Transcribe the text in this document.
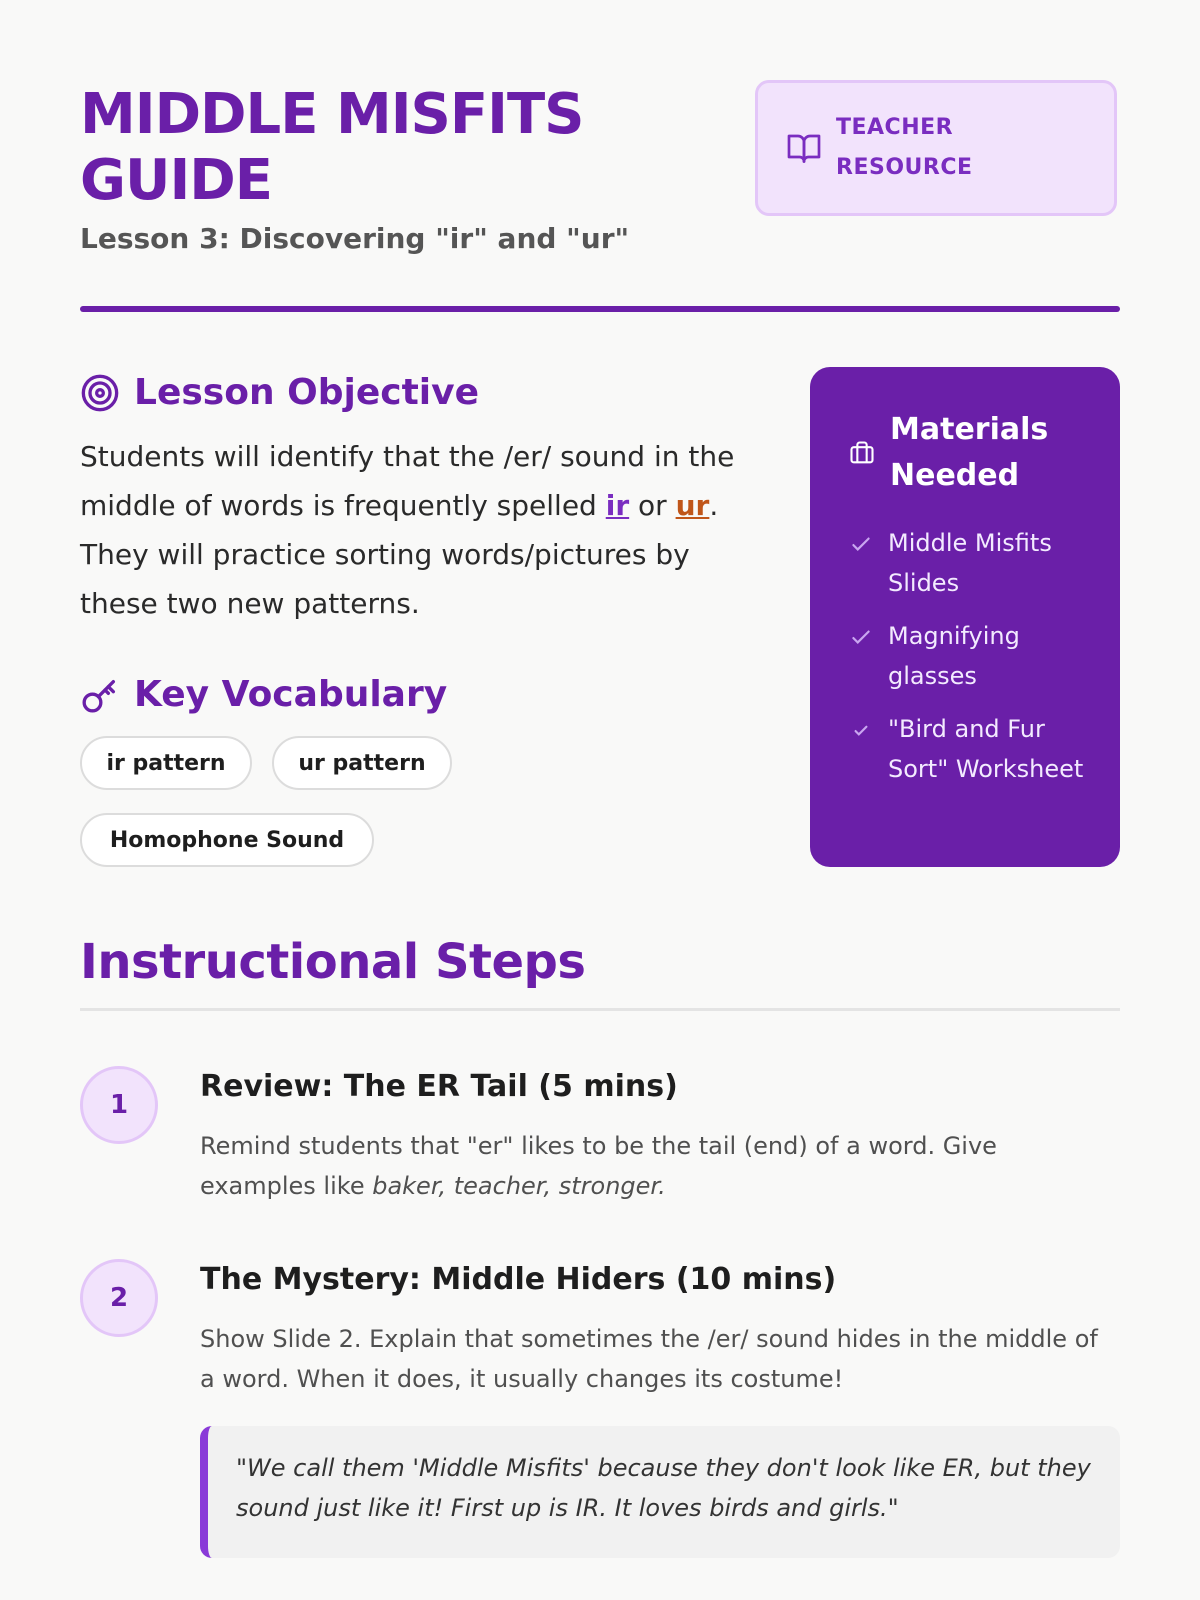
MIDDLE MISFITS GUIDE

Lesson 3: Discovering "ir" and "ur"

TEACHER RESOURCE
Lesson Objective

Students will identify that the /er/ sound in the middle of words is frequently spelled ir or ur. They will practice sorting words/pictures by these two new patterns.

Key Vocabulary
ir pattern	ur pattern
Homophone Sound
Materials Needed
Middle Misfits Slides
Magnifying glasses
"Bird and Fur Sort" Worksheet
Instructional Steps
1
Review: The ER Tail (5 mins)

Remind students that "er" likes to be the tail (end) of a word. Give examples like baker, teacher, stronger.

2
The Mystery: Middle Hiders (10 mins)

Show Slide 2. Explain that sometimes the /er/ sound hides in the middle of a word. When it does, it usually changes its costume!

"We call them 'Middle Misfits' because they don't look like ER, but they sound just like it! First up is IR. It loves birds and girls."
